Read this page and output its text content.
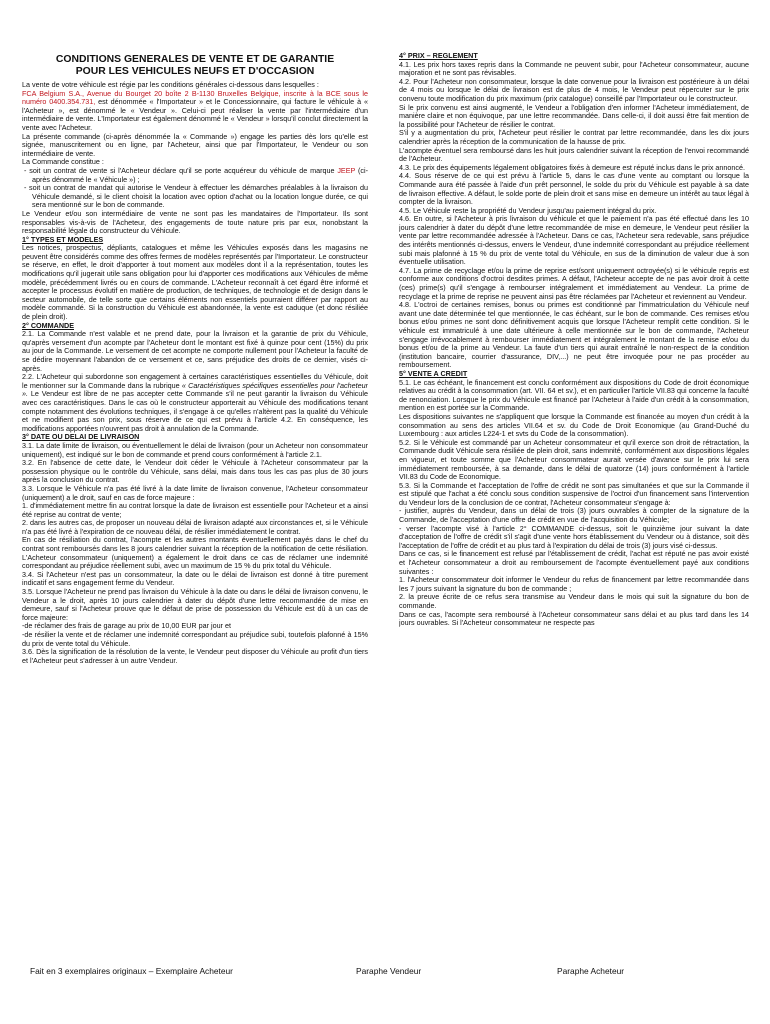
CONDITIONS GENERALES DE VENTE ET DE GARANTIE

POUR LES VEHICULES NEUFS ET D'OCCASION

La vente de votre véhicule est régie par les conditions générales ci-dessous dans lesquelles :

FCA Belgium S.A., Avenue du Bourget 20 boîte 2 B-1130 Bruxelles Belgique, inscrite à la BCE sous le numéro 0400.354.731, est dénommée « l'Importateur » et le Concessionnaire, qui facture le véhicule à « l'Acheteur », est dénommé le « Vendeur ». Celui-ci peut réaliser la vente par l'intermédiaire d'un intermédiaire de vente. L'Importateur est également dénommé le « Vendeur » lorsqu'il conclut directement la vente avec l'Acheteur.

La présente commande (ci-après dénommée la « Commande ») engage les parties dès lors qu'elle est signée, manuscritement ou en ligne, par l'Acheteur, ainsi que par l'Importateur, le Vendeur ou son intermédiaire de vente.

La Commande constitue :

- soit un contrat de vente si l'Acheteur déclare qu'il se porte acquéreur du véhicule de marque JEEP (ci-après dénommé le « Véhicule ») ;

- soit un contrat de mandat qui autorise le Vendeur à effectuer les démarches préalables à la livraison du Véhicule demandé, si le client choisit la location avec option d'achat ou la location longue durée, ce qui sera mentionné sur le bon de commande.

Le Vendeur et/ou son intermédiaire de vente ne sont pas les mandataires de l'Importateur. Ils sont responsables vis-à-vis de l'Acheteur, des engagements de toute nature pris par eux, nonobstant la responsabilité légale du constructeur du Véhicule.

1° TYPES ET MODELES

Les notices, prospectus, dépliants, catalogues et même les Véhicules exposés dans les magasins ne peuvent être considérés comme des offres fermes de modèles représentés par l'Importateur. Le constructeur se réserve, en effet, le droit d'apporter à tout moment aux modèles dont il a la représentation, toutes les modifications qu'il jugerait utile sans obligation pour lui d'apporter ces modifications aux Véhicules de même modèle, précédemment livrés ou en cours de commande. L'Acheteur reconnaît à cet égard être informé et accepter le processus évolutif en matière de production, de techniques, de technologie et de design dans le secteur automobile, de telle sorte que certains éléments non essentiels pourraient différer par rapport au modèle commandé. Si la construction du Véhicule est abandonnée, la vente est caduque (et donc résiliée de plein droit).

2° COMMANDE

2.1. La Commande n'est valable et ne prend date, pour la livraison et la garantie de prix du Véhicule, qu'après versement d'un acompte par l'Acheteur dont le montant est fixé à quinze pour cent (15%) du prix au jour de la Commande. Le versement de cet acompte ne comporte nullement pour l'Acheteur la faculté de se dédire moyennant l'abandon de ce versement et ce, sans préjudice des droits de ce dernier, visés ci-après.

2.2. L'Acheteur qui subordonne son engagement à certaines caractéristiques essentielles du Véhicule, doit le mentionner sur la Commande dans la rubrique « Caractéristiques spécifiques essentielles pour l'acheteur ». Le Vendeur est libre de ne pas accepter cette Commande s'il ne peut garantir la livraison du Véhicule avec ces caractéristiques. Dans le cas où le constructeur apporterait au Véhicule des modifications tenant compte notamment des évolutions techniques, il s'engage à ce qu'elles n'altèrent pas la qualité du Véhicule et ne modifient pas son prix, sous réserve de ce qui est prévu à l'article 4.2. En conséquence, les modifications apportées n'ouvrent pas droit à annulation de la Commande.

3° DATE OU DELAI DE LIVRAISON

3.1. La date limite de livraison, ou éventuellement le délai de livraison (pour un Acheteur non consommateur uniquement), est indiqué sur le bon de commande et prend cours conformément à l'article 2.1.

3.2. En l'absence de cette date, le Vendeur doit céder le Véhicule à l'Acheteur consommateur par la possession physique ou le contrôle du Véhicule, sans délai, mais dans tous les cas pas plus de 30 jours après la conclusion du contrat.

3.3. Lorsque le Véhicule n'a pas été livré à la date limite de livraison convenue, l'Acheteur consommateur (uniquement) a le droit, sauf en cas de force majeure :

1. d'immédiatement mettre fin au contrat lorsque la date de livraison est essentielle pour l'Acheteur et a ainsi été reprise au contrat de vente;

2. dans les autres cas, de proposer un nouveau délai de livraison adapté aux circonstances et, si le Véhicule n'a pas été livré à l'expiration de ce nouveau délai, de résilier immédiatement le contrat.

En cas de résiliation du contrat, l'acompte et les autres montants éventuellement payés dans le chef du contrat sont remboursés dans les 8 jours calendrier suivant la réception de la notification de cette résiliation. L'Acheteur consommateur (uniquement) a également le droit dans ce cas de réclamer une indemnité correspondant au préjudice réellement subi, avec un maximum de 15 % du prix total du Véhicule.

3.4. Si l'Acheteur n'est pas un consommateur, la date ou le délai de livraison est donné à titre purement indicatif et sans engagement ferme du Vendeur.

3.5. Lorsque l'Acheteur ne prend pas livraison du Véhicule à la date ou dans le délai de livraison convenu, le Vendeur a le droit, après 10 jours calendrier à dater du dépôt d'une lettre recommandée de mise en demeure, sauf si l'Acheteur prouve que le défaut de prise de possession du Véhicule est dû à un cas de force majeure:

-de réclamer des frais de garage au prix de 10,00 EUR par jour et

-de résilier la vente et de réclamer une indemnité correspondant au préjudice subi, toutefois plafonné à 15% du prix de vente total du Véhicule.

3.6. Dès la signification de la résolution de la vente, le Vendeur peut disposer du Véhicule au profit d'un tiers et l'Acheteur peut s'adresser à un autre Vendeur.

4° PRIX – REGLEMENT

4.1. Les prix hors taxes repris dans la Commande ne peuvent subir, pour l'Acheteur consommateur, aucune majoration et ne sont pas révisables.

4.2. Pour l'Acheteur non consommateur, lorsque la date convenue pour la livraison est postérieure à un délai de 4 mois ou lorsque le délai de livraison est de plus de 4 mois, le Vendeur peut répercuter sur le prix convenu toute modification du prix maximum (prix catalogue) conseillé par l'Importateur ou le constructeur.

Si le prix convenu est ainsi augmenté, le Vendeur a l'obligation d'en informer l'Acheteur immédiatement, de manière claire et non équivoque, par une lettre recommandée. Dans celle-ci, il doit aussi être fait mention de la possibilité pour l'Acheteur de résilier le contrat.

S'il y a augmentation du prix, l'Acheteur peut résilier le contrat par lettre recommandée, dans les dix jours calendrier après la réception de la communication de la hausse de prix.

L'acompte éventuel sera remboursé dans les huit jours calendrier suivant la réception de l'envoi recommandé de l'Acheteur.

4.3. Le prix des équipements légalement obligatoires fixés à demeure est réputé inclus dans le prix annoncé.

4.4. Sous réserve de ce qui est prévu à l'article 5, dans le cas d'une vente au comptant ou lorsque la Commande aura été passée à l'aide d'un prêt personnel, le solde du prix du Véhicule est payable à sa date de livraison effective. A défaut, le solde porte de plein droit et sans mise en demeure un intérêt au taux légal à compter de la livraison.

4.5. Le Véhicule reste la propriété du Vendeur jusqu'au paiement intégral du prix.

4.6. En outre, si l'Acheteur à pris livraison du véhicule et que le paiement n'a pas été effectué dans les 10 jours calendrier à dater du dépôt d'une lettre recommandée de mise en demeure, le Vendeur peut résilier la vente par lettre recommandée adressée à l'Acheteur. Dans ce cas, l'Acheteur sera redevable, sans préjudice des intérêts mentionnés ci-dessus, envers le Vendeur, d'une indemnité correspondant au préjudice réellement subi mais plafonné à 15 % du prix de vente total du Véhicule, en sus de la diminution de valeur due à son éventuelle utilisation.

4.7. La prime de recyclage et/ou la prime de reprise est/sont uniquement octroyée(s) si le véhicule repris est conforme aux conditions d'octroi desdites primes. A défaut, l'Acheteur accepte de ne pas avoir droit à cette (ces) prime(s) qu'il s'engage à rembourser intégralement et immédiatement au Vendeur. La prime de recyclage et la prime de reprise ne peuvent ainsi pas être réclamées par l'Acheteur et reviennent au Vendeur.

4.8. L'octroi de certaines remises, bonus ou primes est conditionné par l'immatriculation du Véhicule neuf avant une date déterminée tel que mentionnée, le cas échéant, sur le bon de commande. Ces remises et/ou bonus et/ou primes ne sont donc définitivement acquis que lorsque l'Acheteur remplit cette condition. Si le véhicule est immatriculé à une date ultérieure à celle mentionnée sur le bon de commande, l'Acheteur s'engage irrévocablement à rembourser immédiatement et intégralement le montant de la remise et/ou du bonus et/ou de la prime au Vendeur. La faute d'un tiers qui aurait entraîné le non-respect de la condition (institution bancaire, courrier d'assurance, DIV,...) ne peut être invoquée pour ne pas procéder au remboursement.

5° VENTE A CREDIT

5.1. Le cas échéant, le financement est conclu conformément aux dispositions du Code de droit économique relatives au crédit à la consommation (art. VII. 64 et sv.), et en particulier l'article VII.83 qui concerne la faculté de renonciation. Lorsque le prix du Véhicule est financé par l'Acheteur à l'aide d'un crédit à la consommation, mention en est portée sur la Commande.

Les dispositions suivantes ne s'appliquent que lorsque la Commande est financée au moyen d'un crédit à la consommation au sens des articles VII.64 et sv. du Code de Droit Economique (au Grand-Duché du Luxembourg : aux articles L224-1 et svts du Code de la consommation).

5.2. Si le Véhicule est commandé par un Acheteur consommateur et qu'il exerce son droit de rétractation, la Commande dudit Véhicule sera résiliée de plein droit, sans indemnité, conformément aux dispositions légales en vigueur, et toute somme que l'Acheteur consommateur aurait versée d'avance sur le prix lui sera immédiatement remboursée, à sa demande, dans le délai de quatorze (14) jours conformément à l'article VII.83 du Code de Economique.

5.3. Si la Commande et l'acceptation de l'offre de crédit ne sont pas simultanées et que sur la Commande il est stipulé que l'achat a été conclu sous condition suspensive de l'octroi d'un financement sans l'intervention du Vendeur lors de la conclusion de ce contrat, l'Acheteur consommateur s'engage à:

- justifier, auprès du Vendeur, dans un délai de trois (3) jours ouvrables à compter de la signature de la Commande, de l'acceptation d'une offre de crédit en vue de l'acquisition du Véhicule;

- verser l'acompte visé à l'article 2° COMMANDE ci-dessus, soit le quinzième jour suivant la date d'acceptation de l'offre de crédit s'il s'agit d'une vente hors établissement du Vendeur ou à distance, soit dès l'acceptation de l'offre de crédit et au plus tard à l'expiration du délai de trois (3) jours visé ci-dessus.

Dans ce cas, si le financement est refusé par l'établissement de crédit, l'achat est réputé ne pas avoir existé et l'Acheteur consommateur a droit au remboursement de l'acompte éventuellement payé aux conditions suivantes :

1. l'Acheteur consommateur doit informer le Vendeur du refus de financement par lettre recommandée dans les 7 jours suivant la signature du bon de commande ;

2. la preuve écrite de ce refus sera transmise au Vendeur dans le mois qui suit la signature du bon de commande.

Dans ce cas, l'acompte sera remboursé à l'Acheteur consommateur sans délai et au plus tard dans les 14 jours ouvrables. Si l'Acheteur consommateur ne respecte pas

Fait en 3 exemplaires originaux – Exemplaire Acheteur	Paraphe Vendeur	Paraphe Acheteur
